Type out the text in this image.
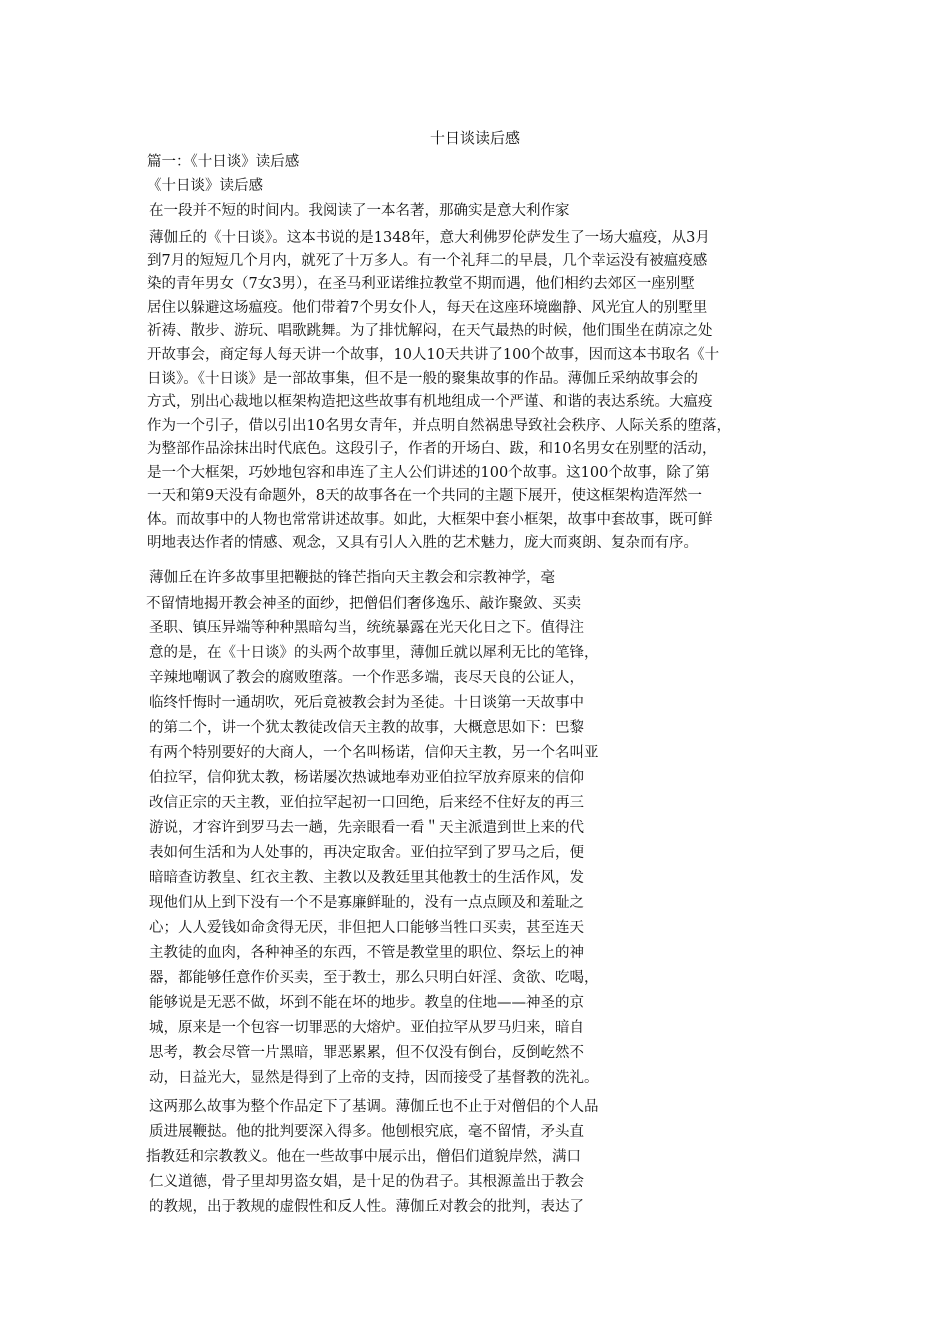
十日谈读后感
篇一：《十日谈》读后感
《十日谈》读后感
在一段并不短的时间内。我阅读了一本名著，那确实是意大利作家
薄伽丘的《十日谈》。这本书说的是1348年，意大利佛罗伦萨发生了一场大瘟疫，从3月
到7月的短短几个月内，就死了十万多人。有一个礼拜二的早晨，几个幸运没有被瘟疫感
染的青年男女（7女3男），在圣马利亚诺维拉教堂不期而遇，他们相约去郊区一座别墅
居住以躲避这场瘟疫。他们带着7个男女仆人，每天在这座环境幽静、风光宜人的别墅里
祈祷、散步、游玩、唱歌跳舞。为了排忧解闷，在天气最热的时候，他们围坐在荫凉之处
开故事会，商定每人每天讲一个故事，10人10天共讲了100个故事，因而这本书取名《十
日谈》。《十日谈》是一部故事集，但不是一般的聚集故事的作品。薄伽丘采纳故事会的
方式，别出心裁地以框架构造把这些故事有机地组成一个严谨、和谐的表达系统。大瘟疫
作为一个引子，借以引出10名男女青年，并点明自然祸患导致社会秩序、人际关系的堕落，
为整部作品涂抹出时代底色。这段引子，作者的开场白、跋，和10名男女在别墅的活动，
是一个大框架，巧妙地包容和串连了主人公们讲述的100个故事。这100个故事，除了第
一天和第9天没有命题外，8天的故事各在一个共同的主题下展开，使这框架构造浑然一
体。而故事中的人物也常常讲述故事。如此，大框架中套小框架，故事中套故事，既可鲜
明地表达作者的情感、观念，又具有引人入胜的艺术魅力，庞大而爽朗、复杂而有序。
薄伽丘在许多故事里把鞭挞的锋芒指向天主教会和宗教神学，毫
不留情地揭开教会神圣的面纱，把僧侣们奢侈逸乐、敲诈聚敛、买卖
圣职、镇压异端等种种黑暗勾当，统统暴露在光天化日之下。值得注
意的是，在《十日谈》的头两个故事里，薄伽丘就以犀利无比的笔锋，
辛辣地嘲讽了教会的腐败堕落。一个作恶多端，丧尽天良的公证人，
临终忏悔时一通胡吹，死后竟被教会封为圣徒。十日谈第一天故事中
的第二个，讲一个犹太教徒改信天主教的故事，大概意思如下：巴黎
有两个特别要好的大商人，一个名叫杨诺，信仰天主教，另一个名叫亚
伯拉罕，信仰犹太教，杨诺屡次热诚地奉劝亚伯拉罕放弃原来的信仰
改信正宗的天主教，亚伯拉罕起初一口回绝，后来经不住好友的再三
游说，才容许到罗马去一趟，先亲眼看一看＂天主派遣到世上来的代
表如何生活和为人处事的，再决定取舍。亚伯拉罕到了罗马之后，便
暗暗查访教皇、红衣主教、主教以及教廷里其他教士的生活作风，发
现他们从上到下没有一个不是寡廉鲜耻的，没有一点点顾及和羞耻之
心；人人爱钱如命贪得无厌，非但把人口能够当牲口买卖，甚至连天
主教徒的血肉，各种神圣的东西，不管是教堂里的职位、祭坛上的神
器，都能够任意作价买卖，至于教士，那么只明白奸淫、贪欲、吃喝，
能够说是无恶不做，坏到不能在坏的地步。教皇的住地——神圣的京
城，原来是一个包容一切罪恶的大熔炉。亚伯拉罕从罗马归来，暗自
思考，教会尽管一片黑暗，罪恶累累，但不仅没有倒台，反倒屹然不
动，日益光大，显然是得到了上帝的支持，因而接受了基督教的洗礼。
这两那么故事为整个作品定下了基调。薄伽丘也不止于对僧侣的个人品
质进展鞭挞。他的批判要深入得多。他刨根究底，毫不留情，矛头直
指教廷和宗教教义。他在一些故事中展示出，僧侣们道貌岸然，满口
仁义道德，骨子里却男盗女娼，是十足的伪君子。其根源盖出于教会
的教规，出于教规的虚假性和反人性。薄伽丘对教会的批判，表达了
